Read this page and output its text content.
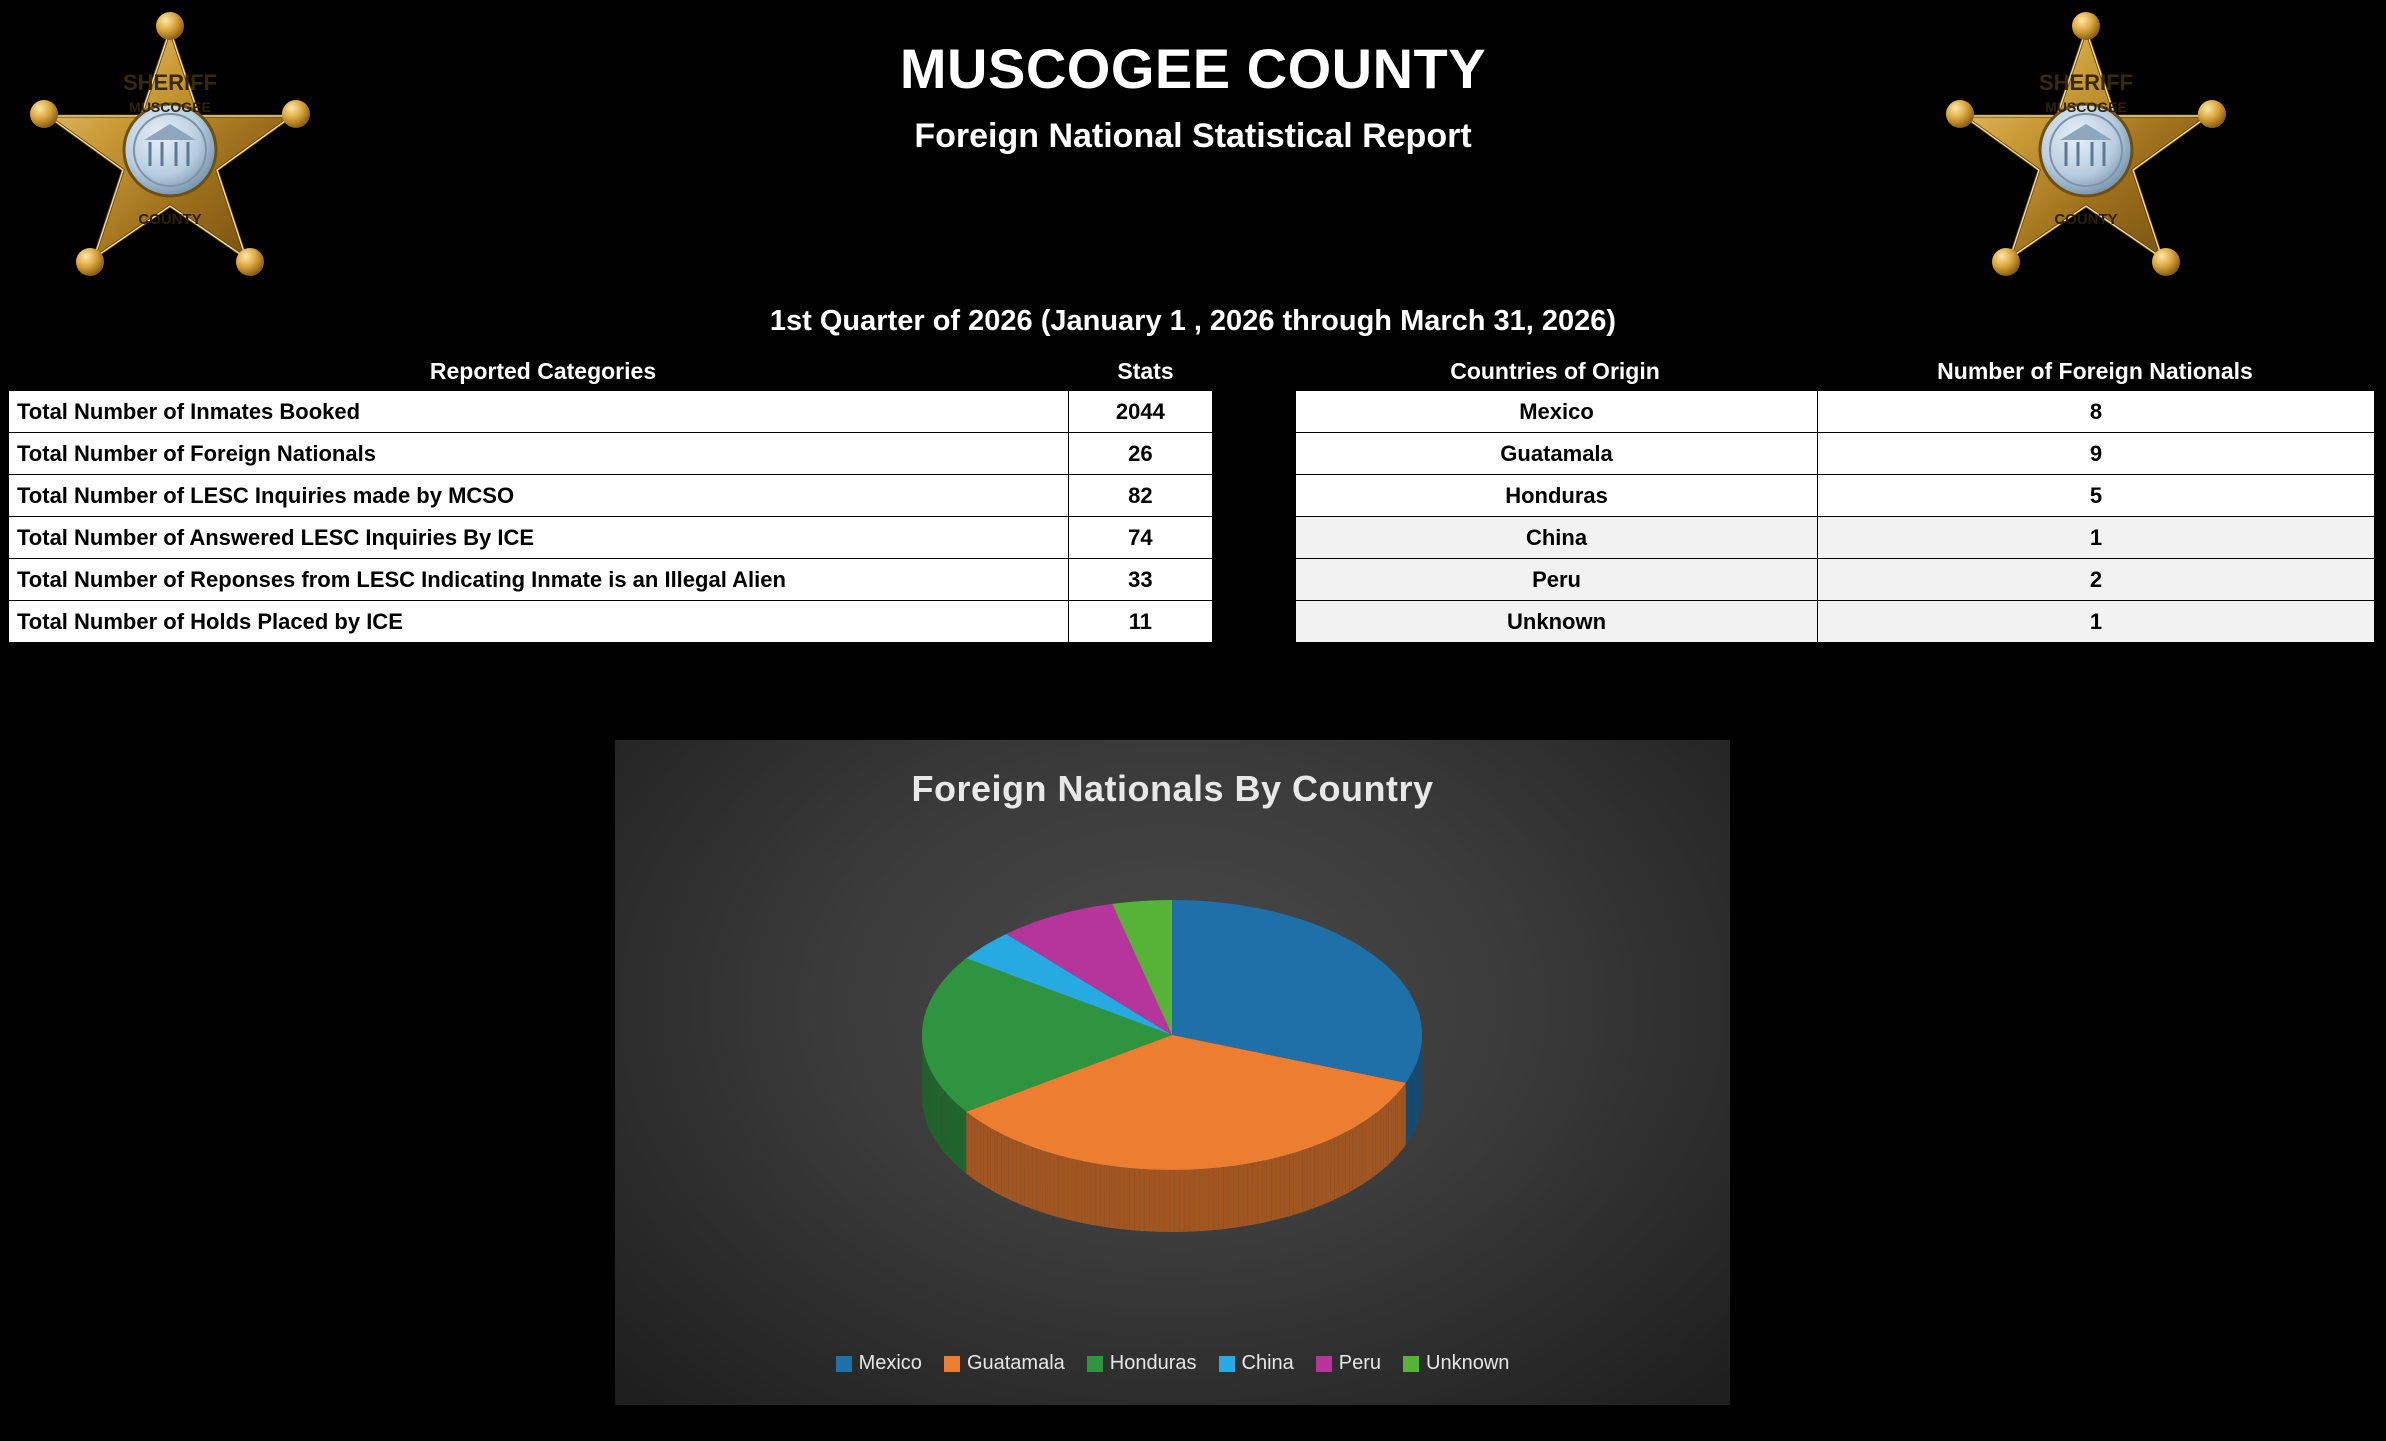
SHERIFF
MUSCOGEE
COUNTY
SHERIFF
MUSCOGEE
COUNTY
MUSCOGEE COUNTY
Foreign National Statistical Report
1st Quarter of 2026 (January 1 , 2026 through March 31, 2026)
Reported Categories	Stats
Total Number of Inmates Booked	2044
Total Number of Foreign Nationals	26
Total Number of LESC Inquiries made by MCSO	82
Total Number of Answered LESC Inquiries By ICE	74
Total Number of Reponses from LESC Indicating Inmate is an Illegal Alien	33
Total Number of Holds Placed by ICE	11
Countries of Origin	Number of Foreign Nationals
Mexico	8
Guatamala	9
Honduras	5
China	1
Peru	2
Unknown	1
Foreign Nationals By Country
Mexico Guatamala Honduras China Peru Unknown
